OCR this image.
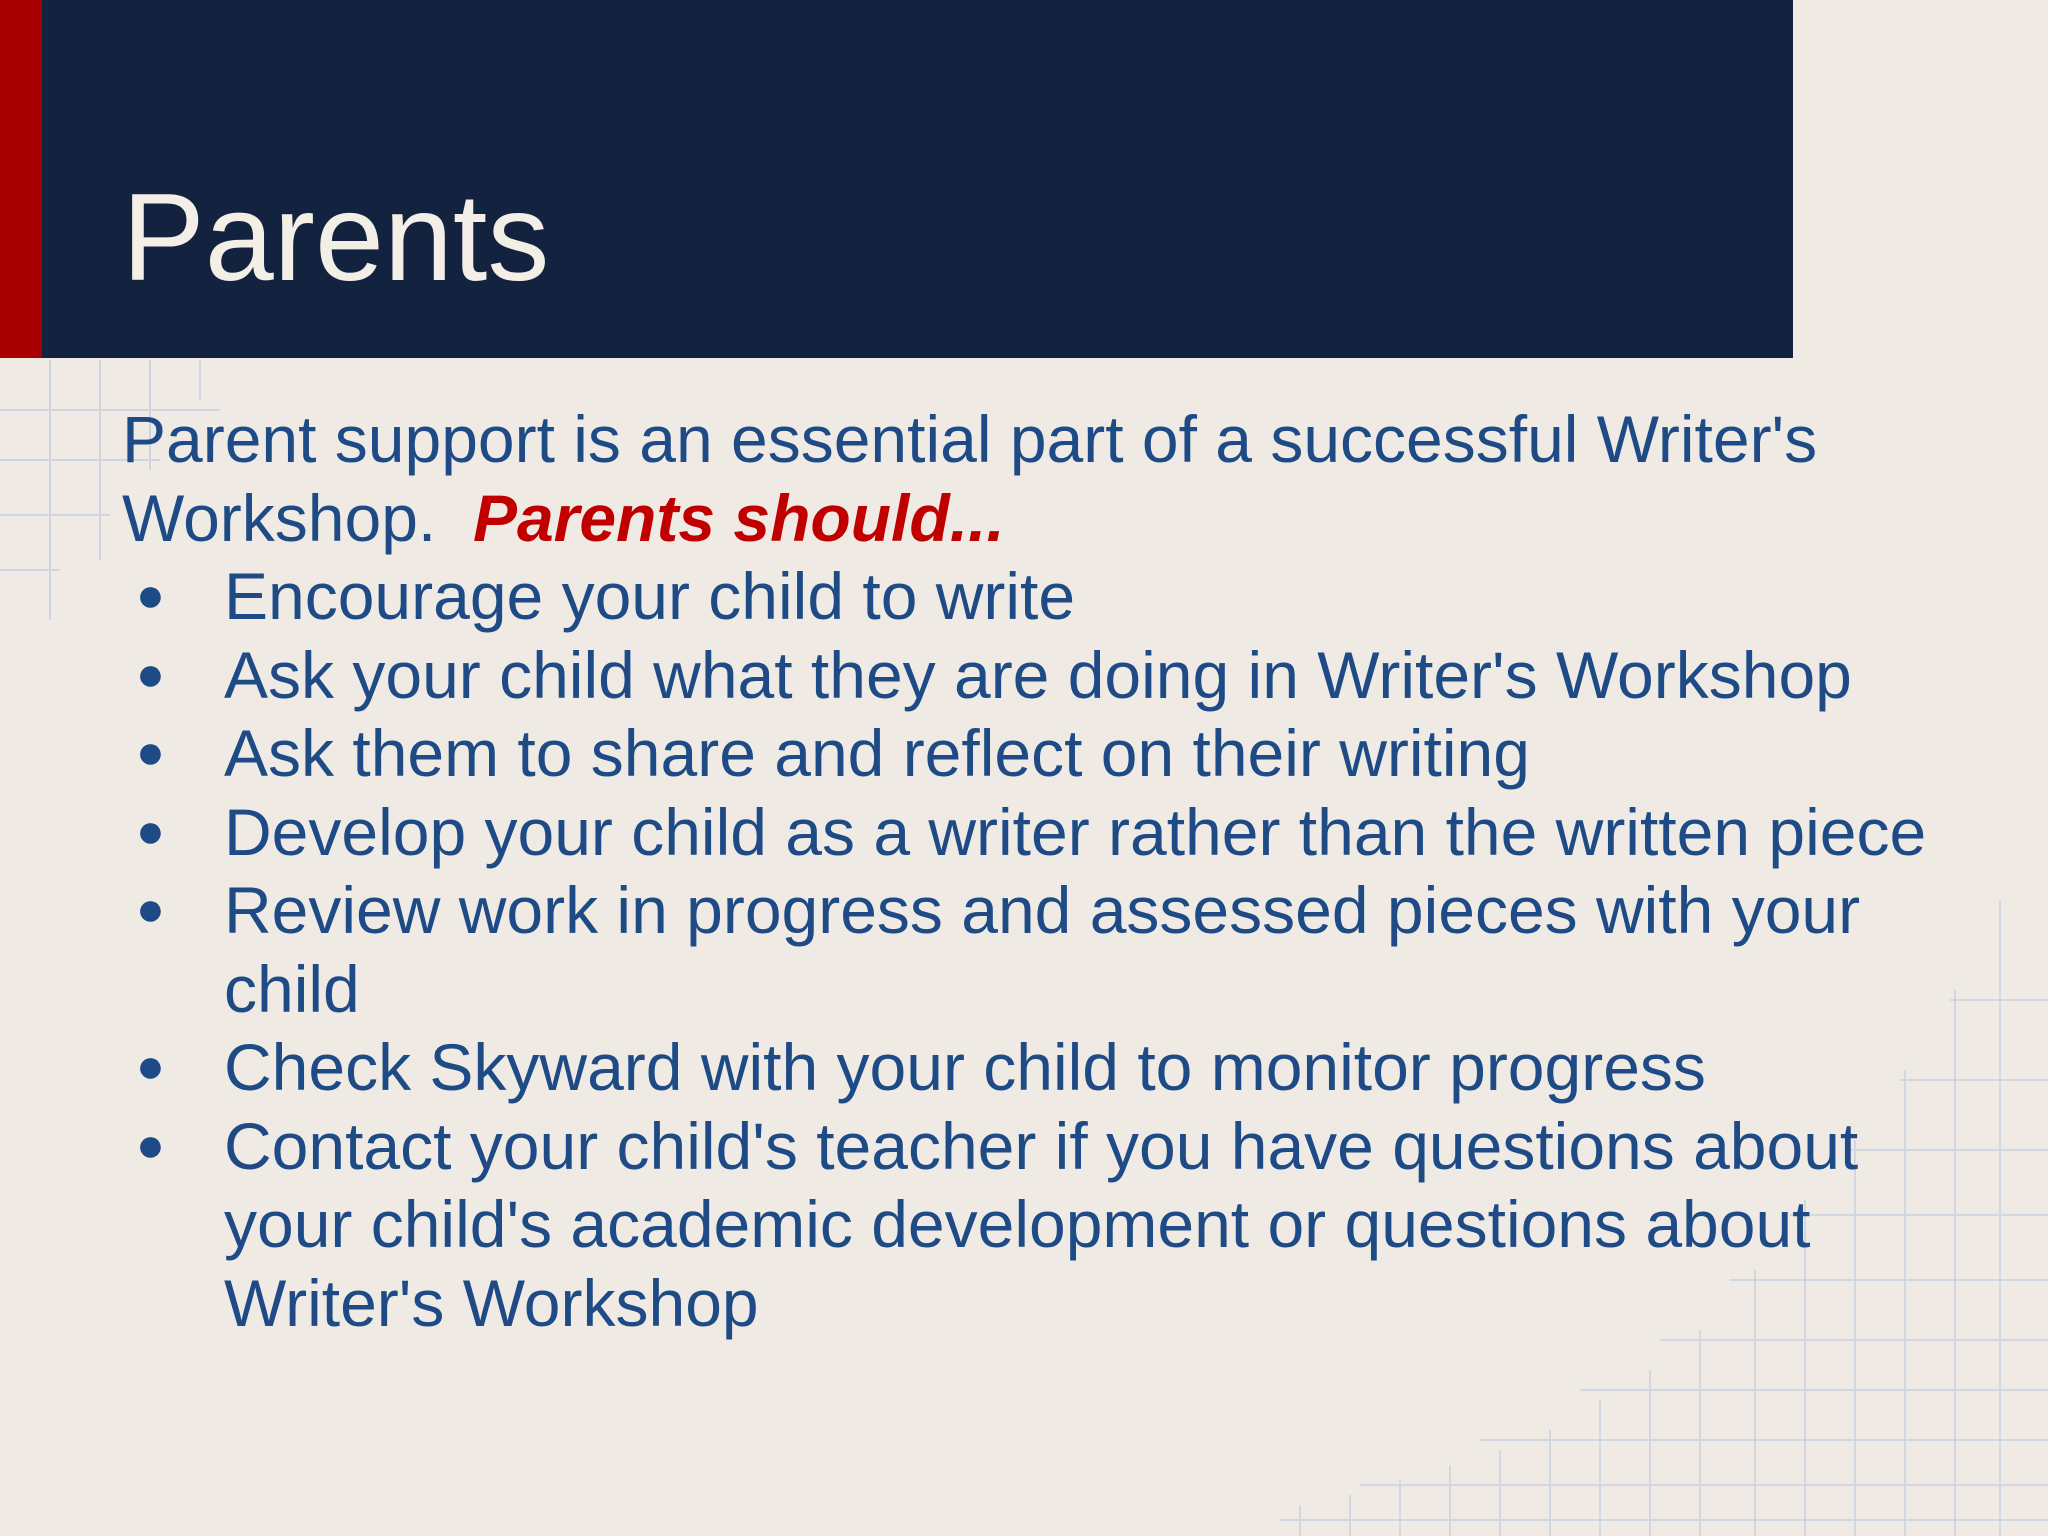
Parents

Parent support is an essential part of a successful Writer's Workshop. Parents should...

● Encourage your child to write
● Ask your child what they are doing in Writer's Workshop
● Ask them to share and reflect on their writing
● Develop your child as a writer rather than the written piece
● Review work in progress and assessed pieces with your child
● Check Skyward with your child to monitor progress
● Contact your child's teacher if you have questions about your child's academic development or questions about Writer's Workshop
